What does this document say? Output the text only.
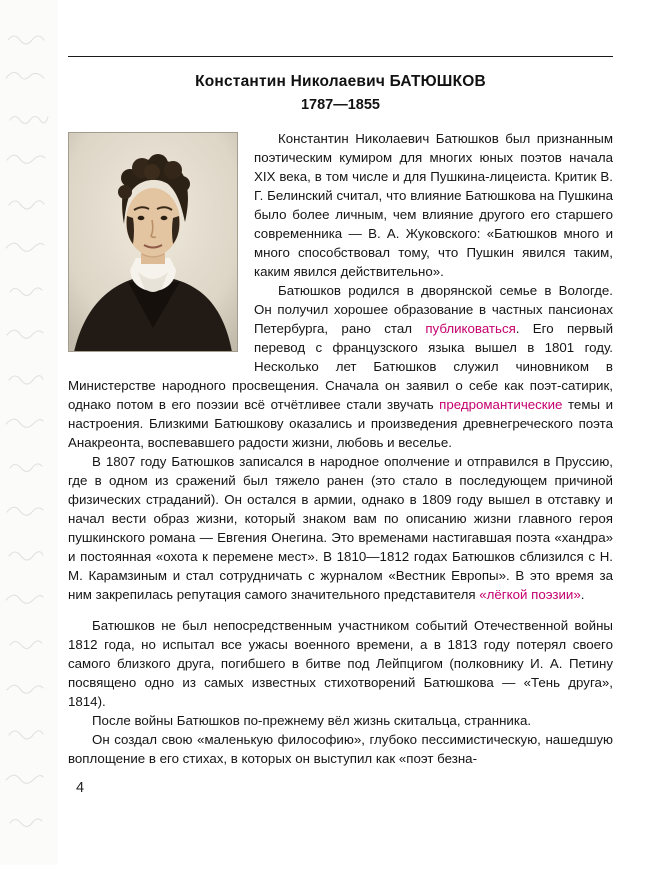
Константин Николаевич БАТЮШКОВ
1787—1855

Константин Николаевич Батюшков был признанным поэтическим кумиром для многих юных поэтов начала XIX века, в том числе и для Пушкина-лицеиста. Критик В. Г. Белинский считал, что влияние Батюшкова на Пушкина было более личным, чем влияние другого его старшего современника — В. А. Жуковского: «Батюшков много и много способствовал тому, что Пушкин явился таким, каким явился действительно».

Батюшков родился в дворянской семье в Вологде. Он получил хорошее образование в частных пансионах Петербурга, рано стал публиковаться. Его первый перевод с французского языка вышел в 1801 году. Несколько лет Батюшков служил чиновником в Министерстве народного просвещения. Сначала он заявил о себе как поэт-сатирик, однако потом в его поэзии всё отчётливее стали звучать предромантические темы и настроения. Близкими Батюшкову оказались и произведения древнегреческого поэта Анакреонта, воспевавшего радости жизни, любовь и веселье.

В 1807 году Батюшков записался в народное ополчение и отправился в Пруссию, где в одном из сражений был тяжело ранен (это стало в последующем причиной физических страданий). Он остался в армии, однако в 1809 году вышел в отставку и начал вести образ жизни, который знаком вам по описанию жизни главного героя пушкинского романа — Евгения Онегина. Это временами настигавшая поэта «хандра» и постоянная «охота к перемене мест». В 1810—1812 годах Батюшков сблизился с Н. М. Карамзиным и стал сотрудничать с журналом «Вестник Европы». В это время за ним закрепилась репутация самого значительного представителя «лёгкой поэзии».

Батюшков не был непосредственным участником событий Отечественной войны 1812 года, но испытал все ужасы военного времени, а в 1813 году потерял своего самого близкого друга, погибшего в битве под Лейпцигом (полковнику И. А. Петину посвящено одно из самых известных стихотворений Батюшкова — «Тень друга», 1814).

После войны Батюшков по-прежнему вёл жизнь скитальца, странника.

Он создал свою «маленькую философию», глубоко пессимистическую, нашедшую воплощение в его стихах, в которых он выступил как «поэт безна-

4
